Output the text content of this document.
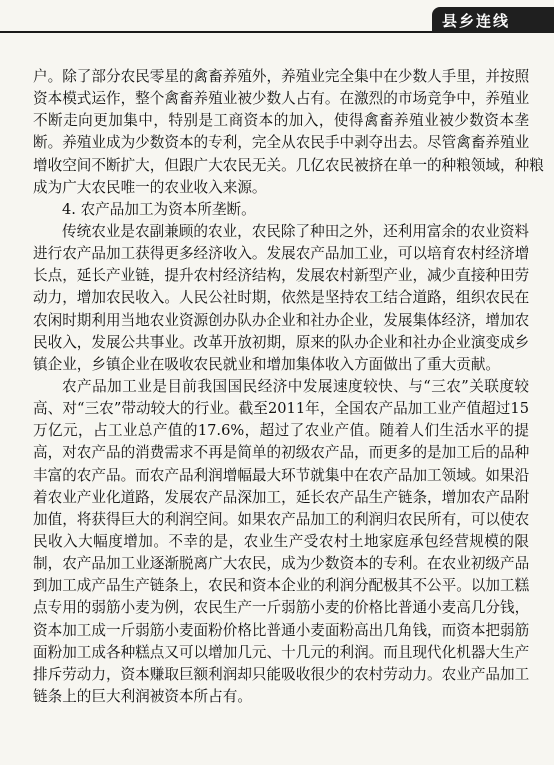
县乡连线
户。除了部分农民零星的禽畜养殖外，养殖业完全集中在少数人手里，并按照
资本模式运作，整个禽畜养殖业被少数人占有。在激烈的市场竞争中，养殖业
不断走向更加集中，特别是工商资本的加入，使得禽畜养殖业被少数资本垄
断。养殖业成为少数资本的专利，完全从农民手中剥夺出去。尽管禽畜养殖业
增收空间不断扩大，但跟广大农民无关。几亿农民被挤在单一的种粮领域，种粮
成为广大农民唯一的农业收入来源。
4. 农产品加工为资本所垄断。
传统农业是农副兼顾的农业，农民除了种田之外，还利用富余的农业资料
进行农产品加工获得更多经济收入。发展农产品加工业，可以培育农村经济增
长点，延长产业链，提升农村经济结构，发展农村新型产业，减少直接种田劳
动力，增加农民收入。人民公社时期，依然是坚持农工结合道路，组织农民在
农闲时期利用当地农业资源创办队办企业和社办企业，发展集体经济，增加农
民收入，发展公共事业。改革开放初期，原来的队办企业和社办企业演变成乡
镇企业，乡镇企业在吸收农民就业和增加集体收入方面做出了重大贡献。
农产品加工业是目前我国国民经济中发展速度较快、与“三农”关联度较
高、对“三农”带动较大的行业。截至2011年，全国农产品加工业产值超过15
万亿元，占工业总产值的17.6%，超过了农业产值。随着人们生活水平的提
高，对农产品的消费需求不再是简单的初级农产品，而更多的是加工后的品种
丰富的农产品。而农产品利润增幅最大环节就集中在农产品加工领域。如果沿
着农业产业化道路，发展农产品深加工，延长农产品生产链条，增加农产品附
加值，将获得巨大的利润空间。如果农产品加工的利润归农民所有，可以使农
民收入大幅度增加。不幸的是，农业生产受农村土地家庭承包经营规模的限
制，农产品加工业逐渐脱离广大农民，成为少数资本的专利。在农业初级产品
到加工成产品生产链条上，农民和资本企业的利润分配极其不公平。以加工糕
点专用的弱筋小麦为例，农民生产一斤弱筋小麦的价格比普通小麦高几分钱，
资本加工成一斤弱筋小麦面粉价格比普通小麦面粉高出几角钱，而资本把弱筋
面粉加工成各种糕点又可以增加几元、十几元的利润。而且现代化机器大生产
排斥劳动力，资本赚取巨额利润却只能吸收很少的农村劳动力。农业产品加工
链条上的巨大利润被资本所占有。
